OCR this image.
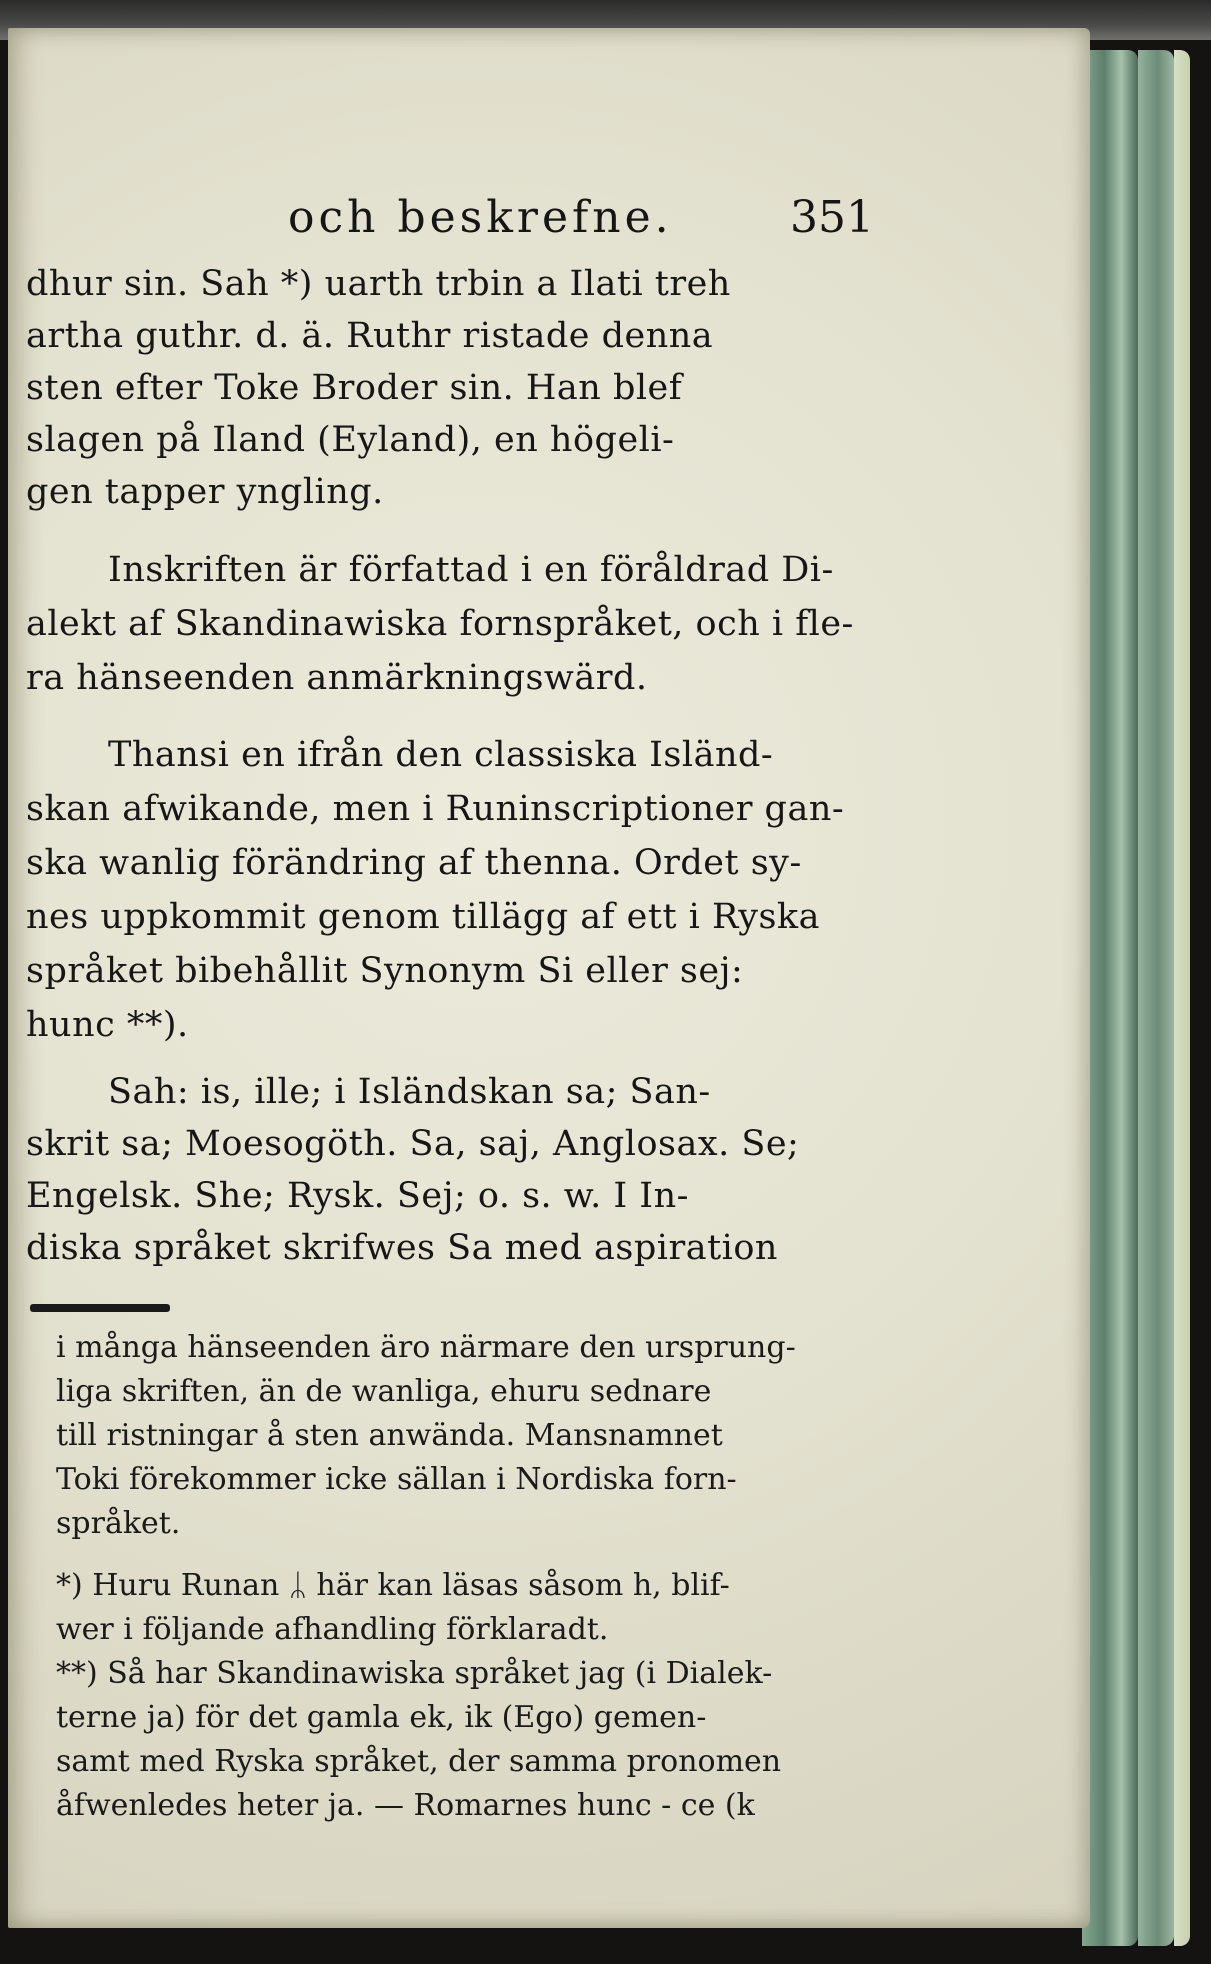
och beskrefne.	351
dhur sin. Sah *) uarth trbin a Ilati treh
artha guthr. d. ä. Ruthr ristade denna
sten efter Toke Broder sin. Han blef
slagen på Iland (Eyland), en högeli-
gen tapper yngling.
Inskriften är författad i en föråldrad Di-
alekt af Skandinawiska fornspråket, och i fle-
ra hänseenden anmärkningswärd.
Thansi en ifrån den classiska Isländ-
skan afwikande, men i Runinscriptioner gan-
ska wanlig förändring af thenna. Ordet sy-
nes uppkommit genom tillägg af ett i Ryska
språket bibehållit Synonym Si eller sej:
hunc **).
Sah: is, ille; i Isländskan sa; San-
skrit sa; Moesogöth. Sa, saj, Anglosax. Se;
Engelsk. She; Rysk. Sej; o. s. w. I In-
diska språket skrifwes Sa med aspiration
i många hänseenden äro närmare den ursprung-
liga skriften, än de wanliga, ehuru sednare
till ristningar å sten anwända. Mansnamnet
Toki förekommer icke sällan i Nordiska forn-
språket.
*) Huru Runan ᛦ här kan läsas såsom h, blif-
wer i följande afhandling förklaradt.
**) Så har Skandinawiska språket jag (i Dialek-
terne ja) för det gamla ek, ik (Ego) gemen-
samt med Ryska språket, der samma pronomen
åfwenledes heter ja. — Romarnes hunc - ce (k
